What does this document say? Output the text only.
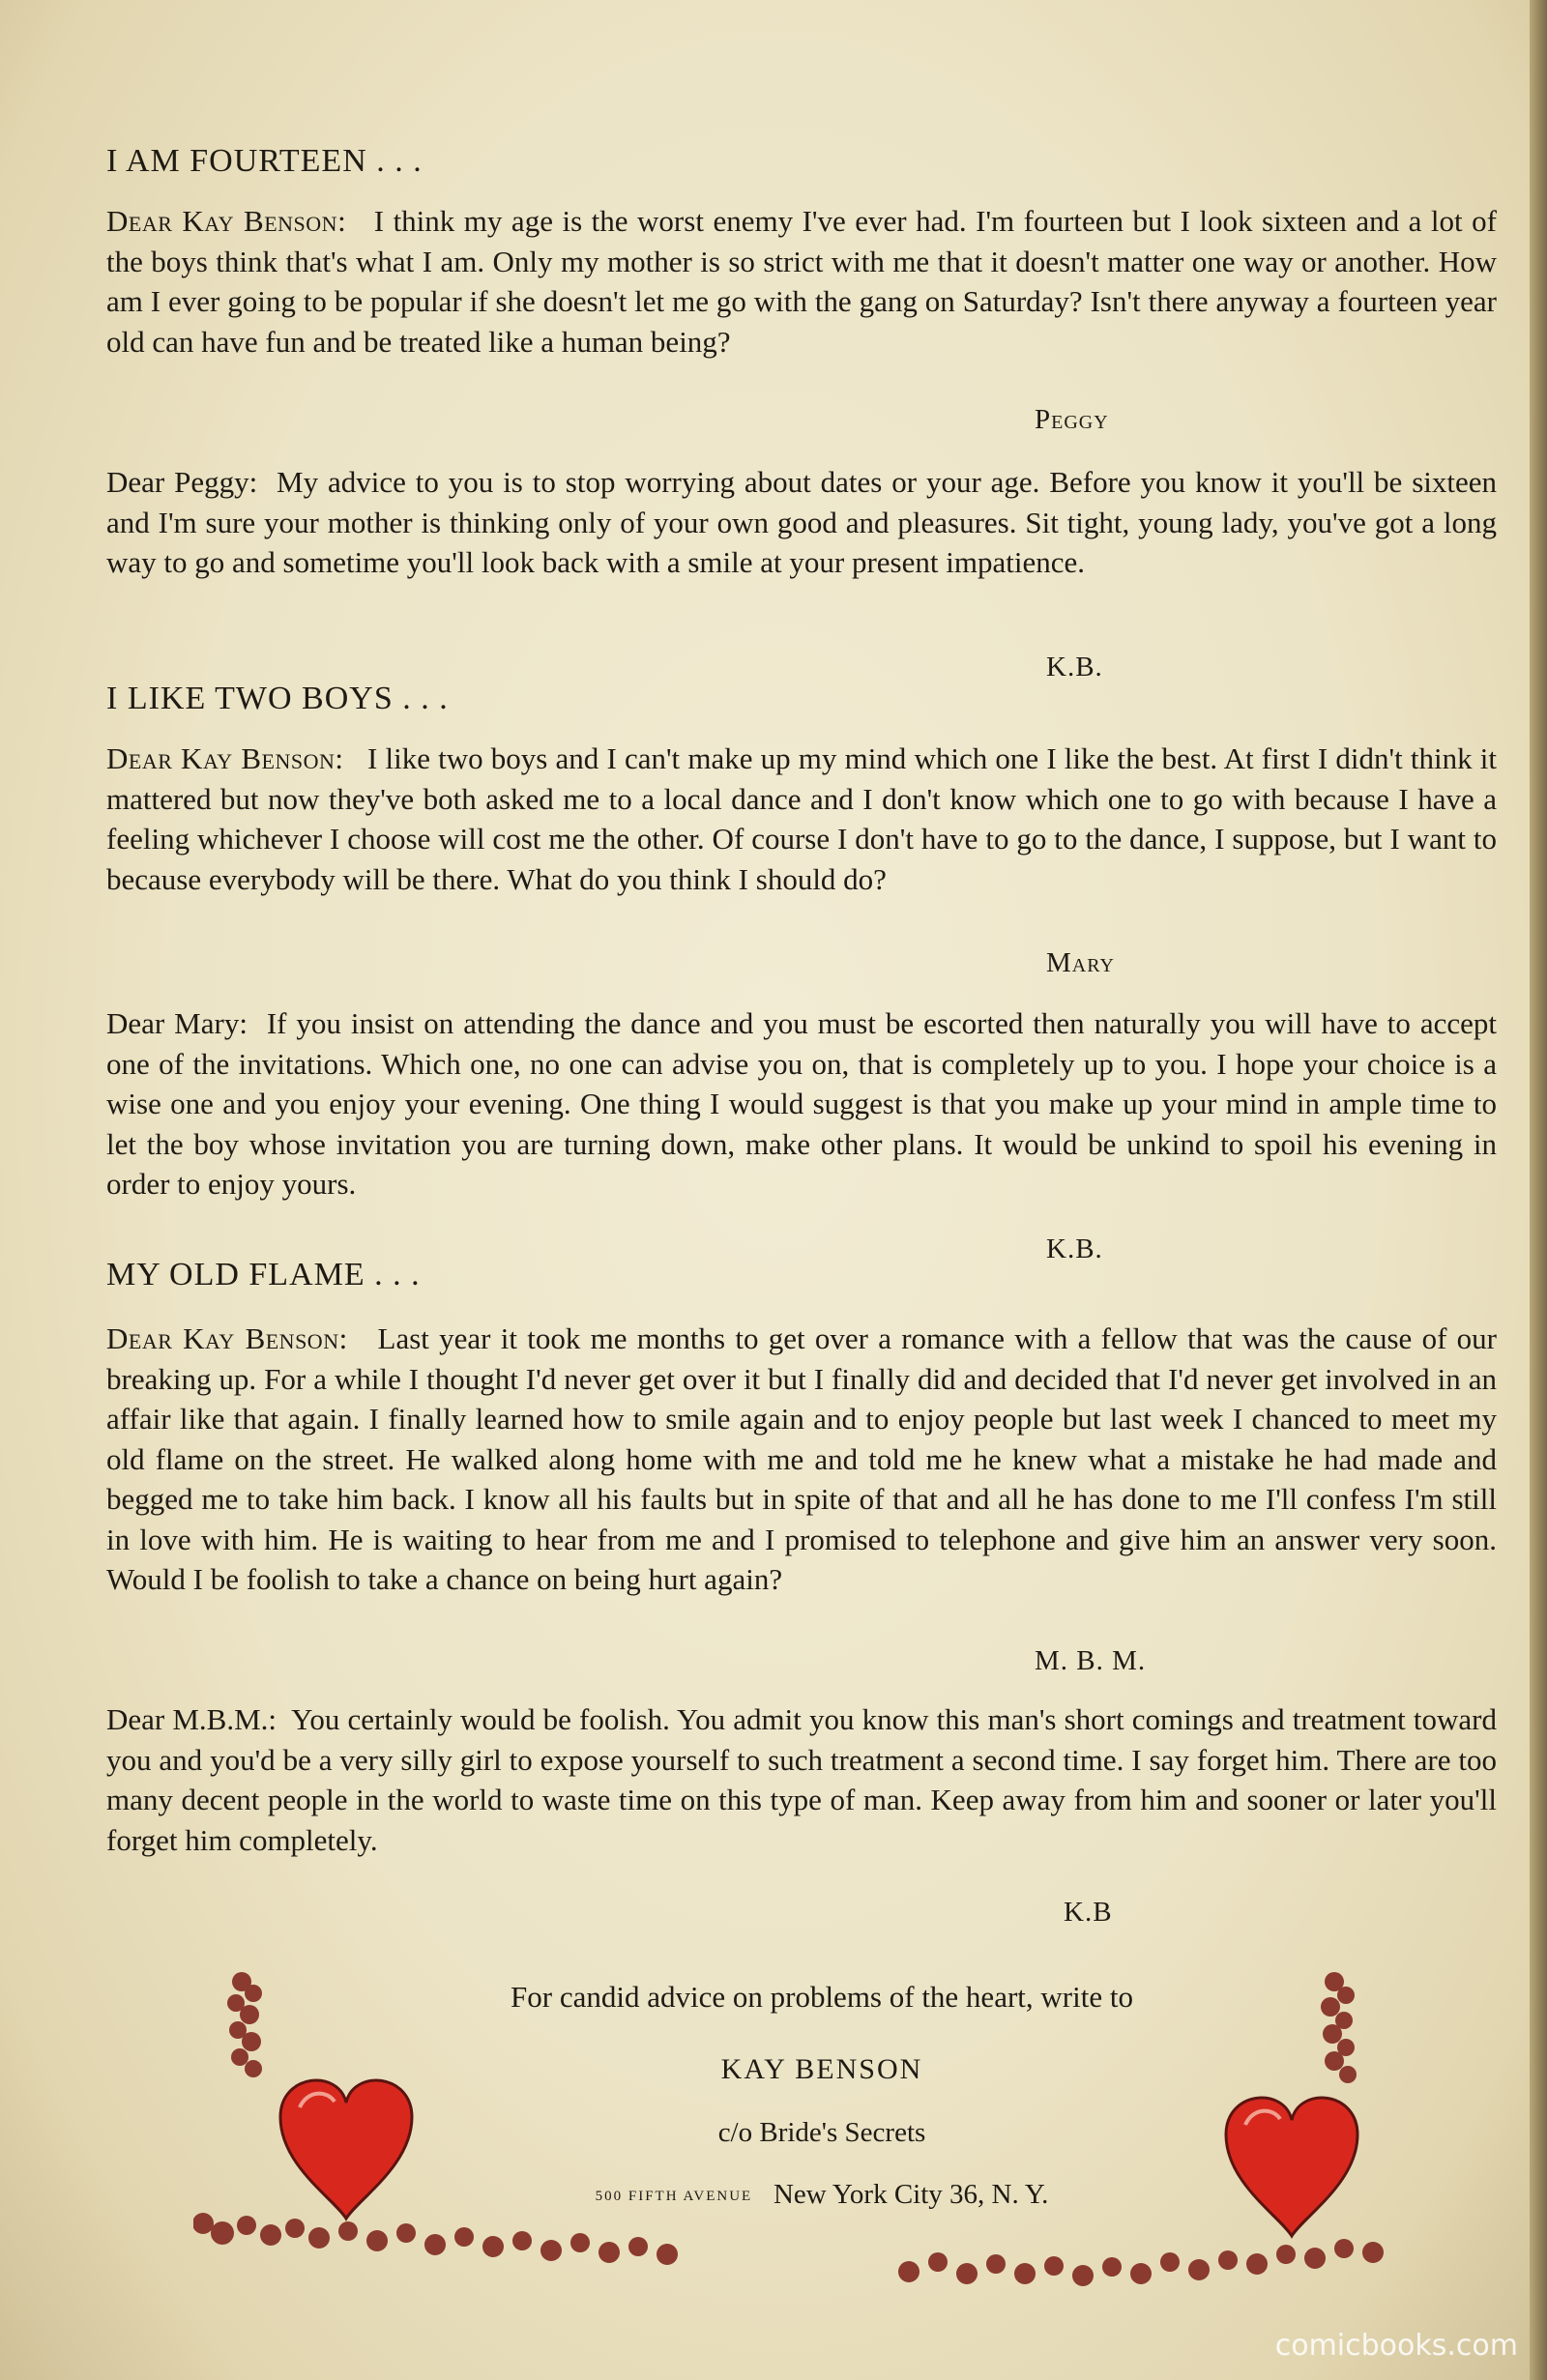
I AM FOURTEEN . . .
Dear Kay Benson: I think my age is the worst enemy I've ever had. I'm fourteen but I look sixteen and a lot of the boys think that's what I am. Only my mother is so strict with me that it doesn't matter one way or another. How am I ever going to be popular if she doesn't let me go with the gang on Saturday? Isn't there anyway a fourteen year old can have fun and be treated like a human being?
Peggy
Dear Peggy: My advice to you is to stop worrying about dates or your age. Before you know it you'll be sixteen and I'm sure your mother is thinking only of your own good and pleasures. Sit tight, young lady, you've got a long way to go and sometime you'll look back with a smile at your present impatience.
K.B.
I LIKE TWO BOYS . . .
Dear Kay Benson: I like two boys and I can't make up my mind which one I like the best. At first I didn't think it mattered but now they've both asked me to a local dance and I don't know which one to go with because I have a feeling whichever I choose will cost me the other. Of course I don't have to go to the dance, I suppose, but I want to because everybody will be there. What do you think I should do?
Mary
Dear Mary: If you insist on attending the dance and you must be escorted then naturally you will have to accept one of the invitations. Which one, no one can advise you on, that is completely up to you. I hope your choice is a wise one and you enjoy your evening. One thing I would suggest is that you make up your mind in ample time to let the boy whose invitation you are turning down, make other plans. It would be unkind to spoil his evening in order to enjoy yours.
K.B.
MY OLD FLAME . . .
Dear Kay Benson: Last year it took me months to get over a romance with a fellow that was the cause of our breaking up. For a while I thought I'd never get over it but I finally did and decided that I'd never get involved in an affair like that again. I finally learned how to smile again and to enjoy people but last week I chanced to meet my old flame on the street. He walked along home with me and told me he knew what a mistake he had made and begged me to take him back. I know all his faults but in spite of that and all he has done to me I'll confess I'm still in love with him. He is waiting to hear from me and I promised to telephone and give him an answer very soon. Would I be foolish to take a chance on being hurt again?
M. B. M.
Dear M.B.M.: You certainly would be foolish. You admit you know this man's short comings and treatment toward you and you'd be a very silly girl to expose yourself to such treatment a second time. I say forget him. There are too many decent people in the world to waste time on this type of man. Keep away from him and sooner or later you'll forget him completely.
K.B
For candid advice on problems of the heart, write to
KAY BENSON
c/o Bride's Secrets
500 FIFTH AVENUE New York City 36, N. Y.
comicbooks.com
